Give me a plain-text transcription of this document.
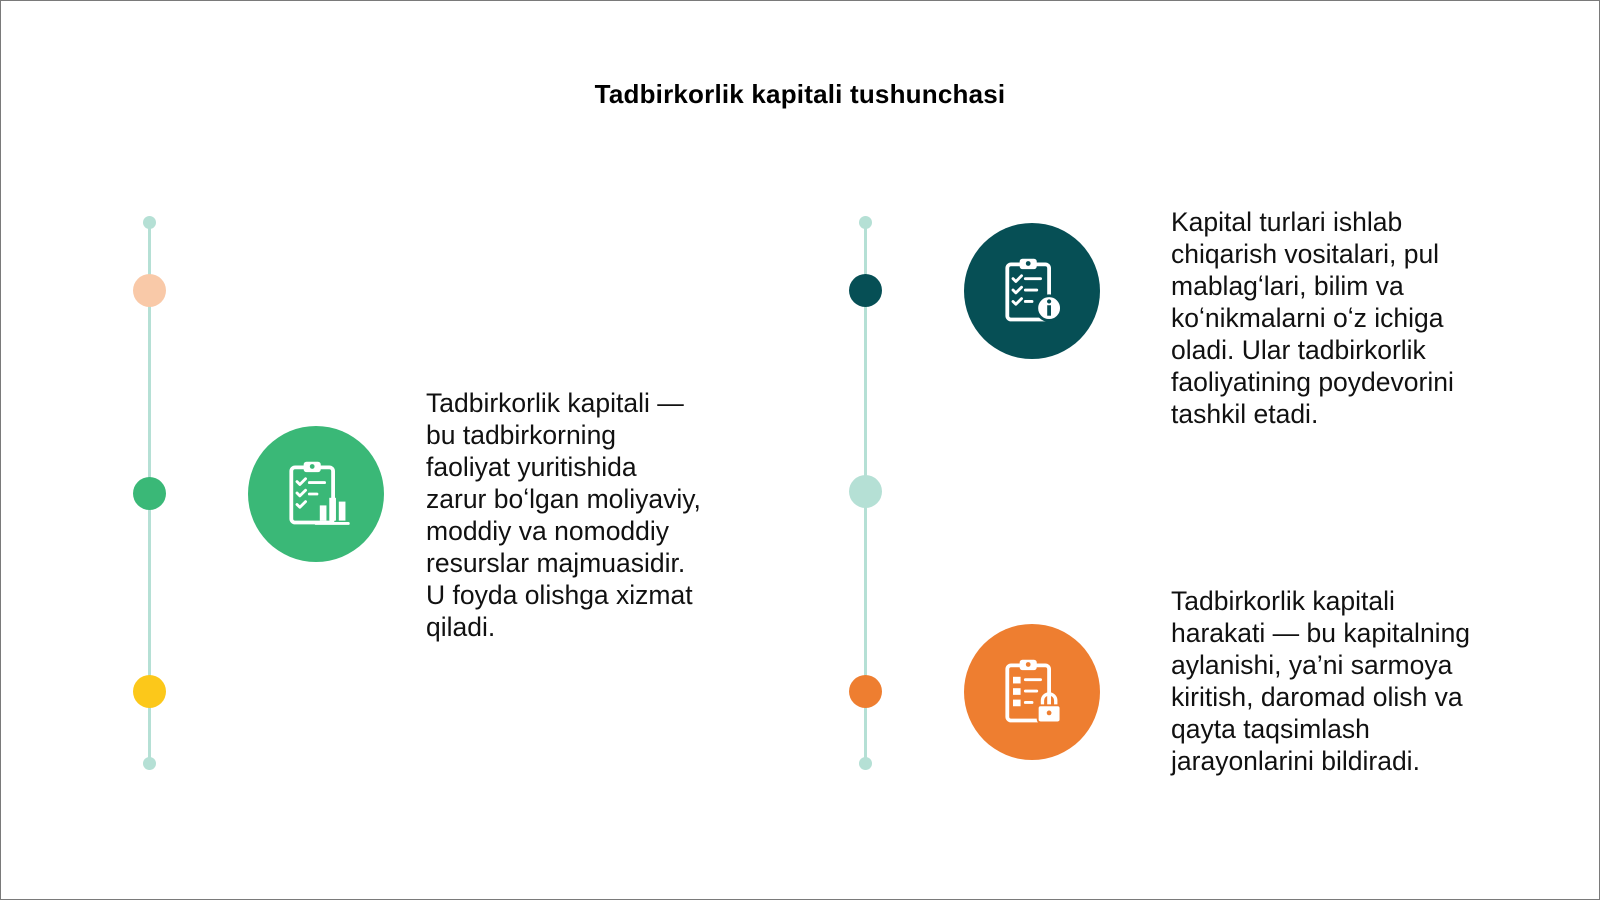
Tadbirkorlik kapitali tushunchasi
Tadbirkorlik kapitali —
bu tadbirkorning
faoliyat yuritishida
zarur boʻlgan moliyaviy,
moddiy va nomoddiy
resurslar majmuasidir.
U foyda olishga xizmat
qiladi.
Kapital turlari ishlab
chiqarish vositalari, pul
mablagʻlari, bilim va
koʻnikmalarni oʻz ichiga
oladi. Ular tadbirkorlik
faoliyatining poydevorini
tashkil etadi.
Tadbirkorlik kapitali
harakati — bu kapitalning
aylanishi, ya’ni sarmoya
kiritish, daromad olish va
qayta taqsimlash
jarayonlarini bildiradi.
